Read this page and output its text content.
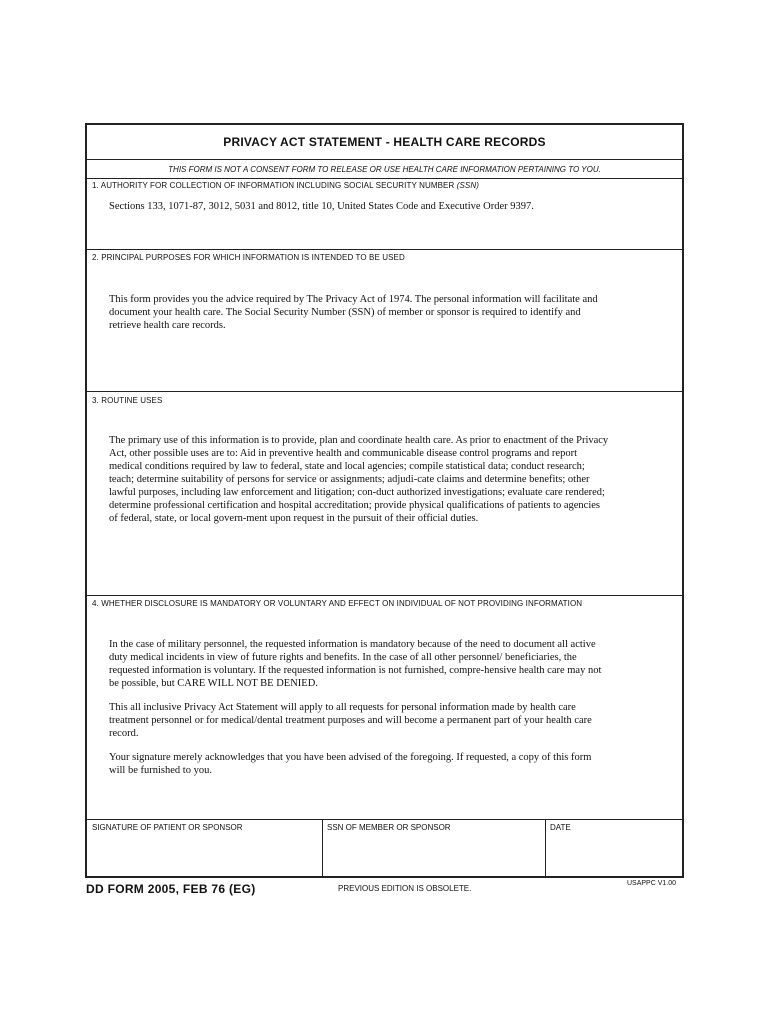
PRIVACY ACT STATEMENT - HEALTH CARE RECORDS
THIS FORM IS NOT A CONSENT FORM TO RELEASE OR USE HEALTH CARE INFORMATION PERTAINING TO YOU.
1. AUTHORITY FOR COLLECTION OF INFORMATION INCLUDING SOCIAL SECURITY NUMBER (SSN)

Sections 133, 1071-87, 3012, 5031 and 8012, title 10, United States Code and Executive Order 9397.

2. PRINCIPAL PURPOSES FOR WHICH INFORMATION IS INTENDED TO BE USED

This form provides you the advice required by The Privacy Act of 1974. The personal information will facilitate and document your health care. The Social Security Number (SSN) of member or sponsor is required to identify and retrieve health care records.

3. ROUTINE USES

The primary use of this information is to provide, plan and coordinate health care. As prior to enactment of the Privacy Act, other possible uses are to: Aid in preventive health and communicable disease control programs and report medical conditions required by law to federal, state and local agencies; compile statistical data; conduct research; teach; determine suitability of persons for service or assignments; adjudi-cate claims and determine benefits; other lawful purposes, including law enforcement and litigation; con-duct authorized investigations; evaluate care rendered; determine professional certification and hospital accreditation; provide physical qualifications of patients to agencies of federal, state, or local govern-ment upon request in the pursuit of their official duties.

4. WHETHER DISCLOSURE IS MANDATORY OR VOLUNTARY AND EFFECT ON INDIVIDUAL OF NOT PROVIDING INFORMATION

In the case of military personnel, the requested information is mandatory because of the need to document all active duty medical incidents in view of future rights and benefits. In the case of all other personnel/ beneficiaries, the requested information is voluntary. If the requested information is not furnished, compre-hensive health care may not be possible, but CARE WILL NOT BE DENIED.

This all inclusive Privacy Act Statement will apply to all requests for personal information made by health care treatment personnel or for medical/dental treatment purposes and will become a permanent part of your health care record.

Your signature merely acknowledges that you have been advised of the foregoing. If requested, a copy of this form will be furnished to you.

SIGNATURE OF PATIENT OR SPONSOR	SSN OF MEMBER OR SPONSOR	DATE
DD FORM 2005, FEB 76 (EG)	PREVIOUS EDITION IS OBSOLETE.
USAPPC V1.00
